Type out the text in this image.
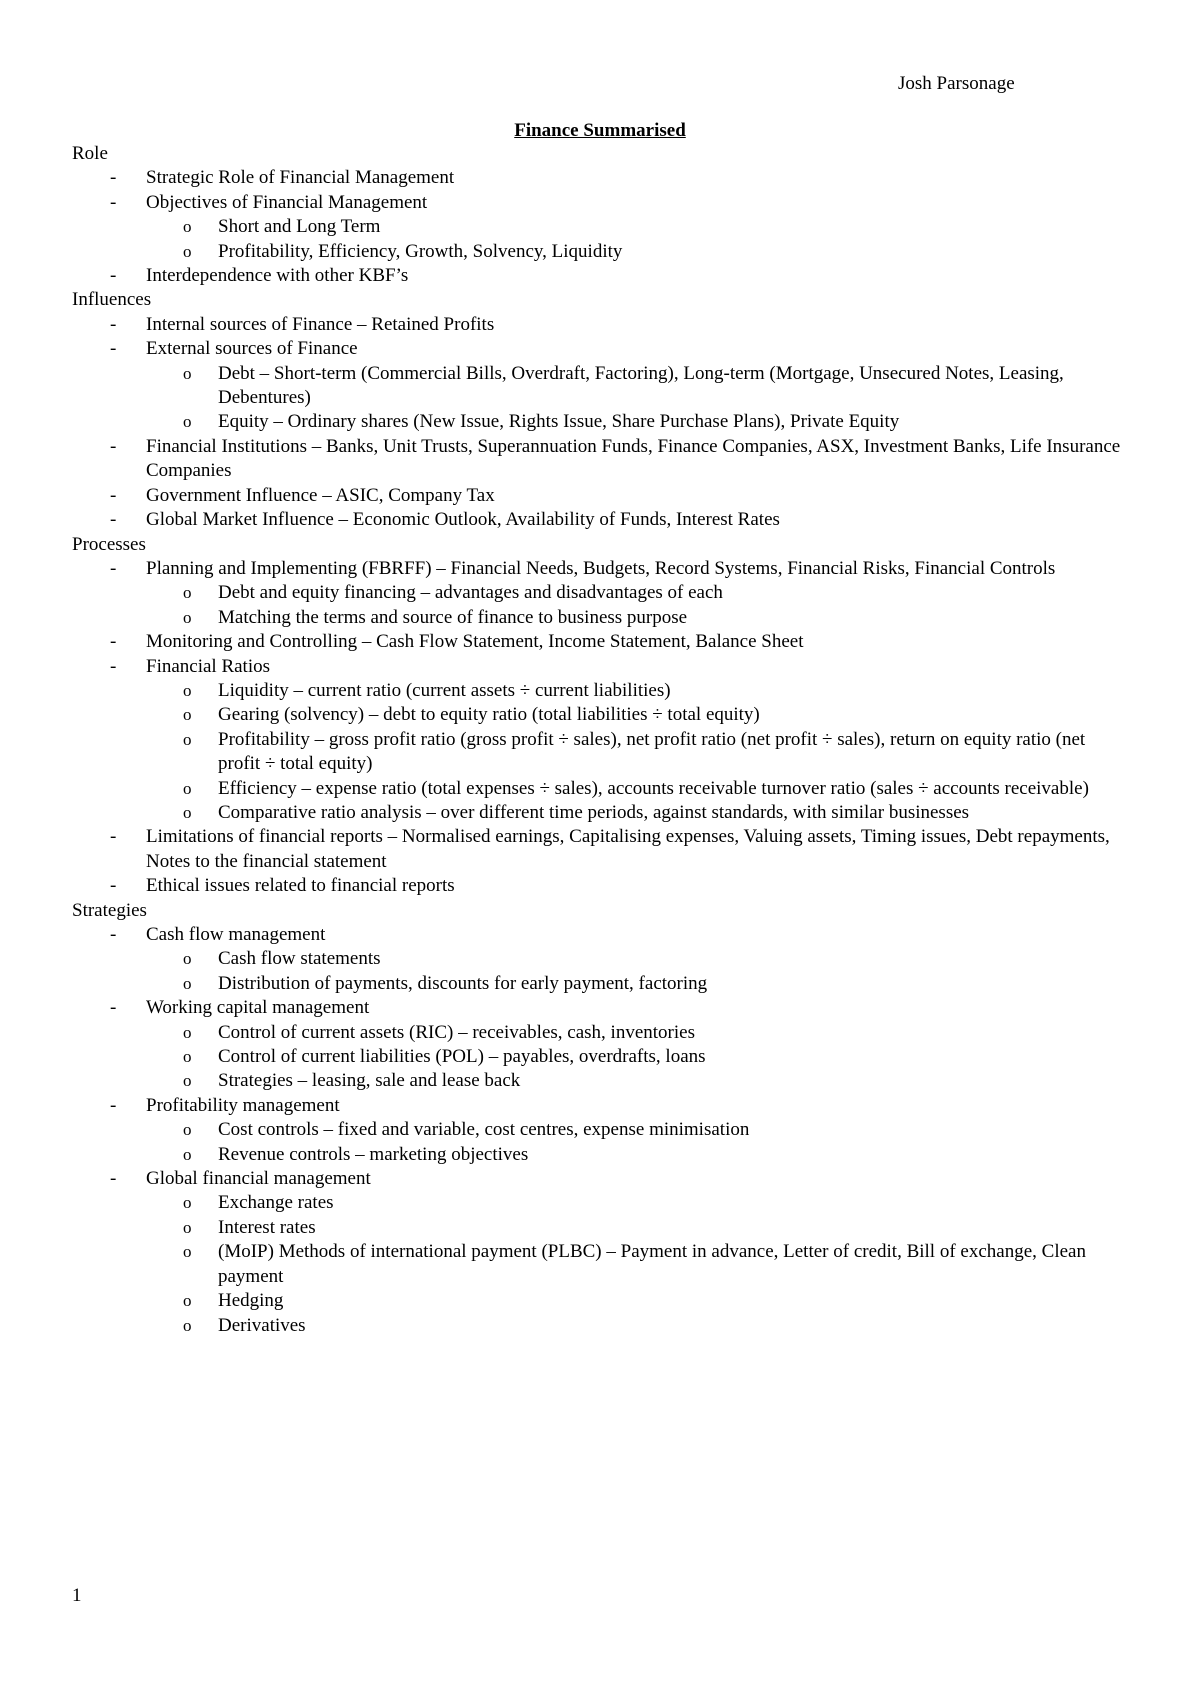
Josh Parsonage
Finance Summarised
Role
- Strategic Role of Financial Management
- Objectives of Financial Management
o Short and Long Term
o Profitability, Efficiency, Growth, Solvency, Liquidity
- Interdependence with other KBF’s
Influences
- Internal sources of Finance – Retained Profits
- External sources of Finance
o Debt – Short-term (Commercial Bills, Overdraft, Factoring), Long-term (Mortgage, Unsecured Notes, Leasing, Debentures)
o Equity – Ordinary shares (New Issue, Rights Issue, Share Purchase Plans), Private Equity
- Financial Institutions – Banks, Unit Trusts, Superannuation Funds, Finance Companies, ASX, Investment Banks, Life Insurance Companies
- Government Influence – ASIC, Company Tax
- Global Market Influence – Economic Outlook, Availability of Funds, Interest Rates
Processes
- Planning and Implementing (FBRFF) – Financial Needs, Budgets, Record Systems, Financial Risks, Financial Controls
o Debt and equity financing – advantages and disadvantages of each
o Matching the terms and source of finance to business purpose
- Monitoring and Controlling – Cash Flow Statement, Income Statement, Balance Sheet
- Financial Ratios
o Liquidity – current ratio (current assets ÷ current liabilities)
o Gearing (solvency) – debt to equity ratio (total liabilities ÷ total equity)
o Profitability – gross profit ratio (gross profit ÷ sales), net profit ratio (net profit ÷ sales), return on equity ratio (net profit ÷ total equity)
o Efficiency – expense ratio (total expenses ÷ sales), accounts receivable turnover ratio (sales ÷ accounts receivable)
o Comparative ratio analysis – over different time periods, against standards, with similar businesses
- Limitations of financial reports – Normalised earnings, Capitalising expenses, Valuing assets, Timing issues, Debt repayments, Notes to the financial statement
- Ethical issues related to financial reports
Strategies
- Cash flow management
o Cash flow statements
o Distribution of payments, discounts for early payment, factoring
- Working capital management
o Control of current assets (RIC) – receivables, cash, inventories
o Control of current liabilities (POL) – payables, overdrafts, loans
o Strategies – leasing, sale and lease back
- Profitability management
o Cost controls – fixed and variable, cost centres, expense minimisation
o Revenue controls – marketing objectives
- Global financial management
o Exchange rates
o Interest rates
o (MoIP) Methods of international payment (PLBC) – Payment in advance, Letter of credit, Bill of exchange, Clean payment
o Hedging
o Derivatives
1
